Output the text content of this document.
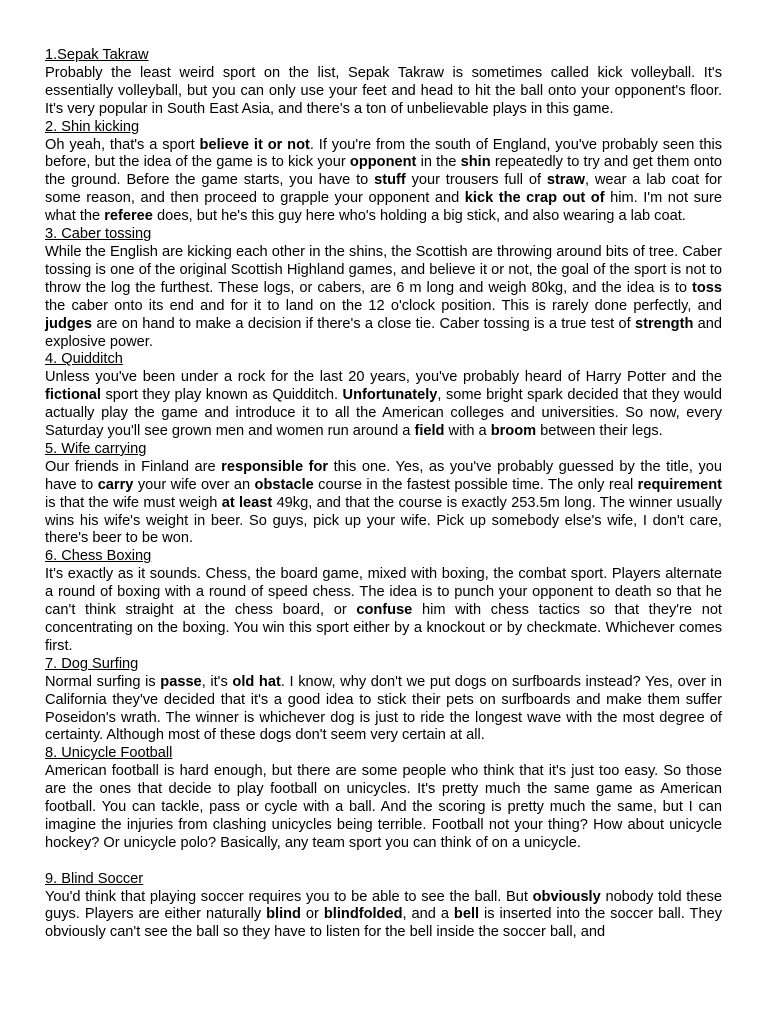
1.Sepak Takraw

Probably the least weird sport on the list, Sepak Takraw is sometimes called kick volleyball. It's essentially volleyball, but you can only use your feet and head to hit the ball onto your opponent's floor. It's very popular in South East Asia, and there's a ton of unbelievable plays in this game.

2. Shin kicking

Oh yeah, that's a sport believe it or not. If you're from the south of England, you've probably seen this before, but the idea of the game is to kick your opponent in the shin repeatedly to try and get them onto the ground. Before the game starts, you have to stuff your trousers full of straw, wear a lab coat for some reason, and then proceed to grapple your opponent and kick the crap out of him. I'm not sure what the referee does, but he's this guy here who's holding a big stick, and also wearing a lab coat.

3. Caber tossing

While the English are kicking each other in the shins, the Scottish are throwing around bits of tree. Caber tossing is one of the original Scottish Highland games, and believe it or not, the goal of the sport is not to throw the log the furthest. These logs, or cabers, are 6 m long and weigh 80kg, and the idea is to toss the caber onto its end and for it to land on the 12 o'clock position. This is rarely done perfectly, and judges are on hand to make a decision if there's a close tie. Caber tossing is a true test of strength and explosive power.

4. Quidditch

Unless you've been under a rock for the last 20 years, you've probably heard of Harry Potter and the fictional sport they play known as Quidditch. Unfortunately, some bright spark decided that they would actually play the game and introduce it to all the American colleges and universities. So now, every Saturday you'll see grown men and women run around a field with a broom between their legs.

5. Wife carrying

Our friends in Finland are responsible for this one. Yes, as you've probably guessed by the title, you have to carry your wife over an obstacle course in the fastest possible time. The only real requirement is that the wife must weigh at least 49kg, and that the course is exactly 253.5m long. The winner usually wins his wife's weight in beer. So guys, pick up your wife. Pick up somebody else's wife, I don't care, there's beer to be won.

6. Chess Boxing

It's exactly as it sounds. Chess, the board game, mixed with boxing, the combat sport. Players alternate a round of boxing with a round of speed chess. The idea is to punch your opponent to death so that he can't think straight at the chess board, or confuse him with chess tactics so that they're not concentrating on the boxing. You win this sport either by a knockout or by checkmate. Whichever comes first.

7. Dog Surfing

Normal surfing is passe, it's old hat. I know, why don't we put dogs on surfboards instead? Yes, over in California they've decided that it's a good idea to stick their pets on surfboards and make them suffer Poseidon's wrath. The winner is whichever dog is just to ride the longest wave with the most degree of certainty. Although most of these dogs don't seem very certain at all.

8. Unicycle Football

American football is hard enough, but there are some people who think that it's just too easy. So those are the ones that decide to play football on unicycles. It's pretty much the same game as American football. You can tackle, pass or cycle with a ball. And the scoring is pretty much the same, but I can imagine the injuries from clashing unicycles being terrible. Football not your thing? How about unicycle hockey? Or unicycle polo? Basically, any team sport you can think of on a unicycle.

9. Blind Soccer

You'd think that playing soccer requires you to be able to see the ball. But obviously nobody told these guys. Players are either naturally blind or blindfolded, and a bell is inserted into the soccer ball. They obviously can't see the ball so they have to listen for the bell inside the soccer ball, and
